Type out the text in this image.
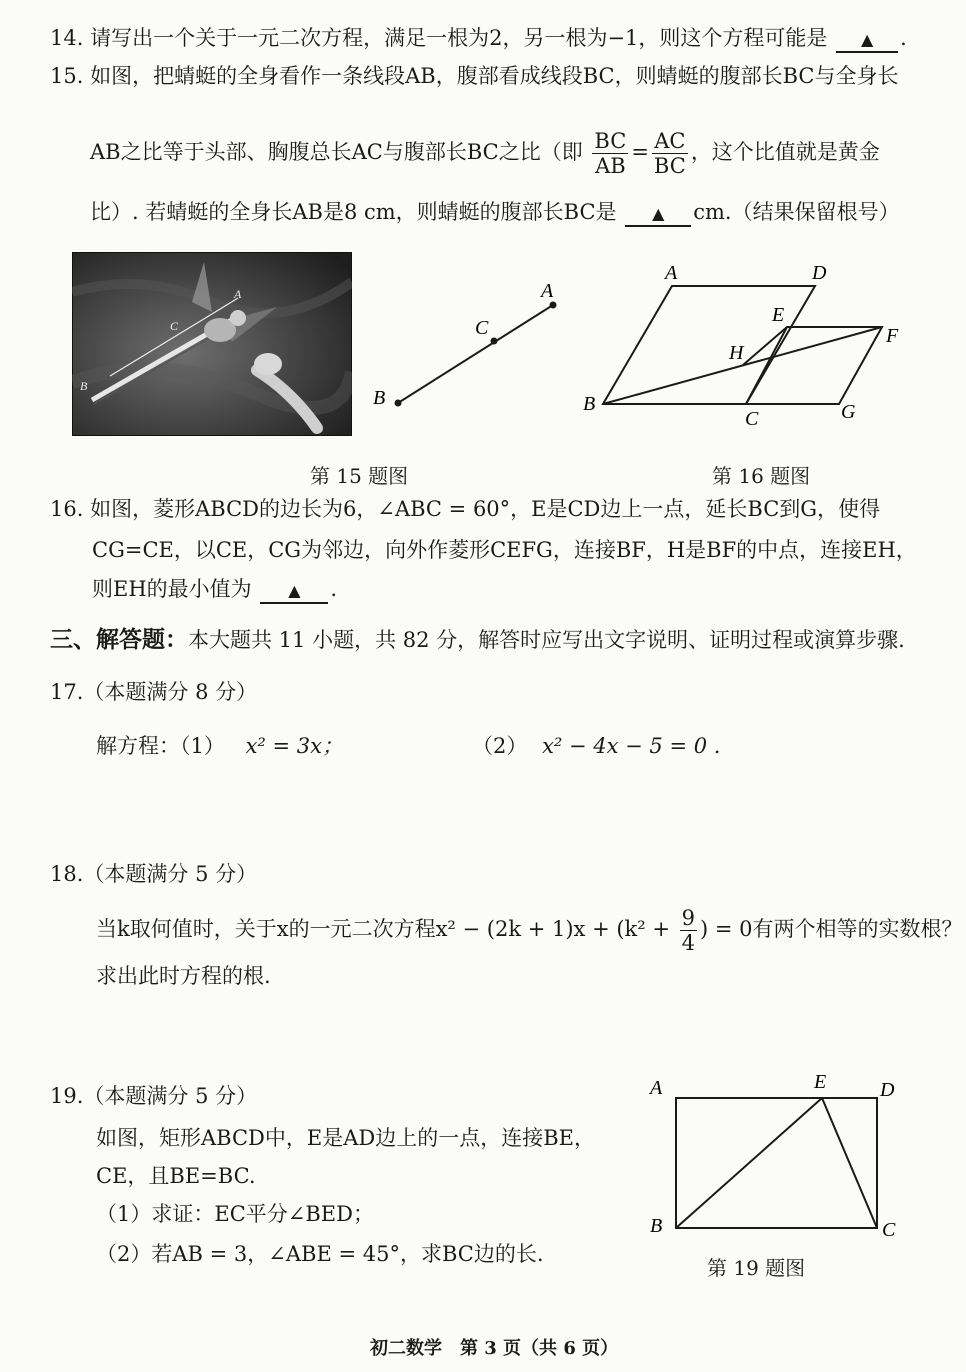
14. 请写出一个关于一元二次方程，满足一根为2，另一根为−1，则这个方程可能是 ▲ .
15. 如图，把蜻蜓的全身看作一条线段AB，腹部看成线段BC，则蜻蜓的腹部长BC与全身长
AB之比等于头部、胸腹总长AC与腹部长BC之比（即 $\frac{BC}{AB} = \frac{AC}{BC}$ ，这个比值就是黄金
比）. 若蜻蜓的全身长AB是8 cm，则蜻蜓的腹部长BC是 ▲ cm.（结果保留根号）
B
C
A
B
C
A
A	D
E
F
H
B
C	G
第 15 题图	第 16 题图
16. 如图，菱形ABCD的边长为6，∠ABC = 60°，E是CD边上一点，延长BC到G，使得
CG=CE，以CE，CG为邻边，向外作菱形CEFG，连接BF，H是BF的中点，连接EH，
则EH的最小值为 ▲ .
三、解答题：本大题共 11 小题，共 82 分，解答时应写出文字说明、证明过程或演算步骤.
17.（本题满分 8 分）
解方程：（1） x² = 3x；	（2） x² − 4x − 5 = 0 .
18.（本题满分 5 分）
当k取何值时，关于x的一元二次方程$x^2 - (2k + 1)x + (k^2 + \frac{9}{4}$ ) = 0有两个相等的实数根？
求出此时方程的根.
19.（本题满分 5 分）
如图，矩形ABCD中，E是AD边上的一点，连接BE，
CE，且BE=BC.
（1）求证：EC平分∠BED；
（2）若AB = 3，∠ABE = 45°，求BC边的长.
A	E	D
B	C
第 19 题图
初二数学　第 3 页（共 6 页）
